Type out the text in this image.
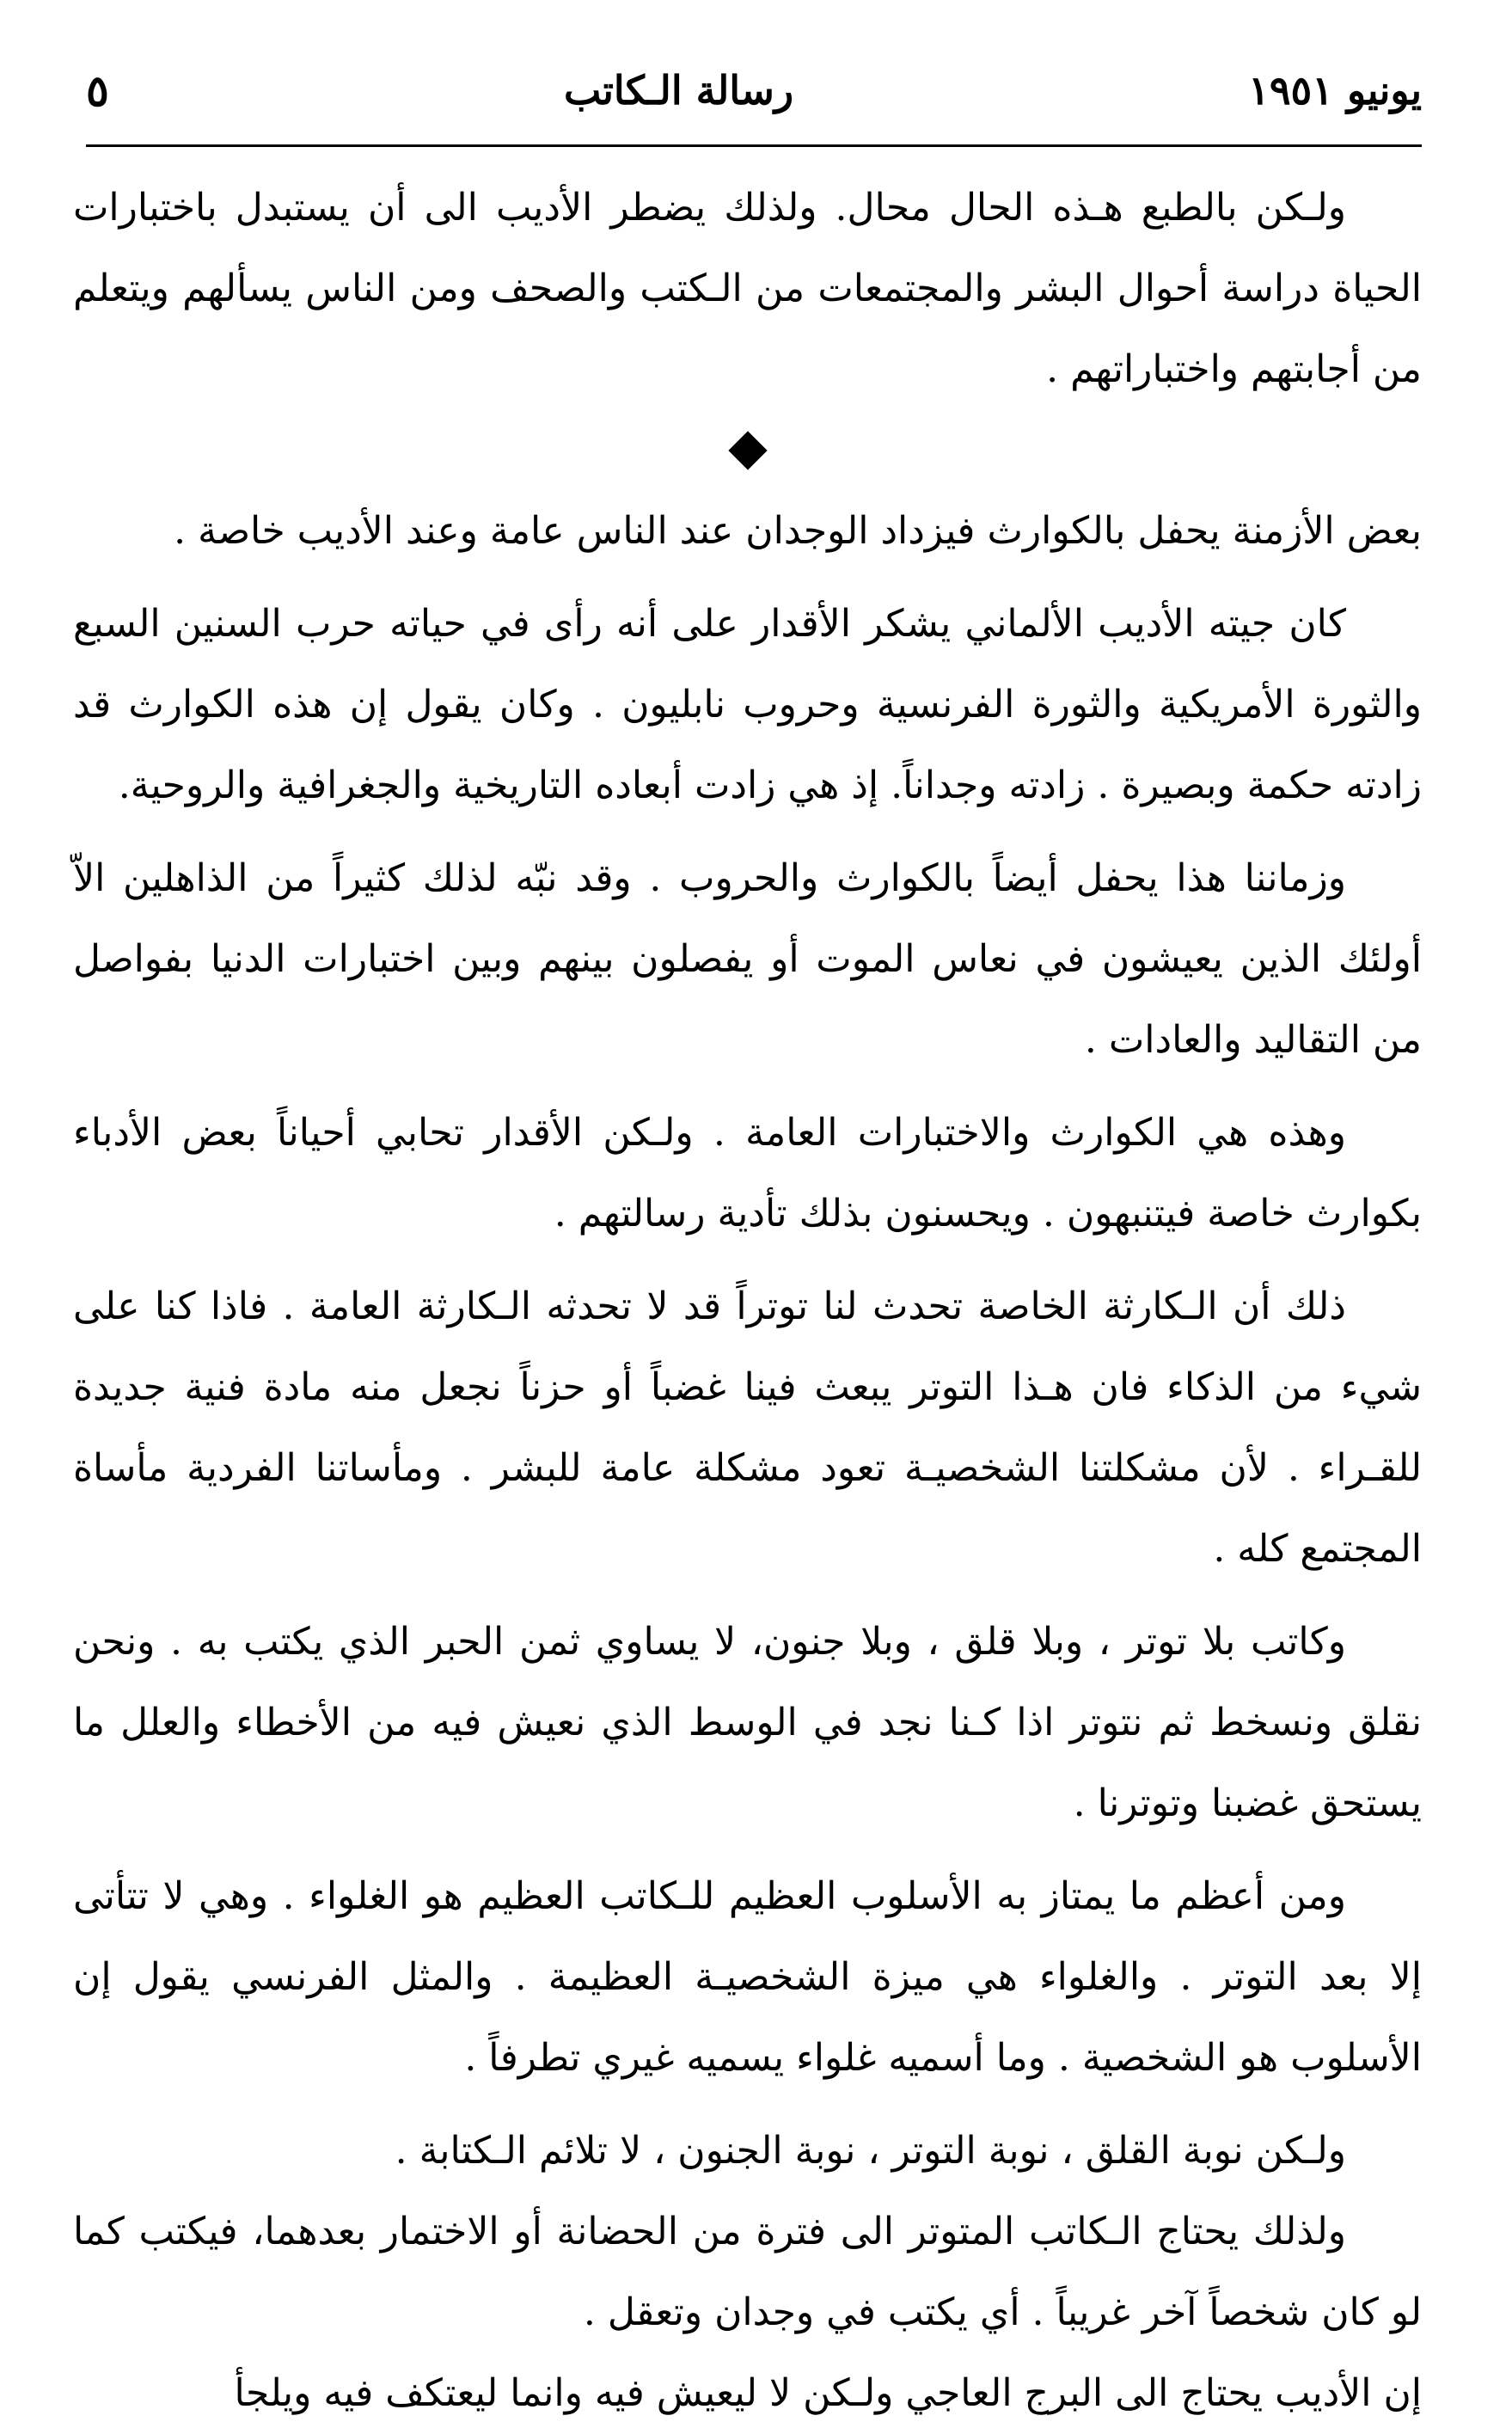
يونيو ١٩٥١
رسالة الـكاتب
٥

ولـكن بالطبع هـذه الحال محال. ولذلك يضطر الأديب الى أن يستبدل باختبارات الحياة دراسة أحوال البشر والمجتمعات من الـكتب والصحف ومن الناس يسألهم ويتعلم من أجابتهم واختباراتهم .

بعض الأزمنة يحفل بالكوارث فيزداد الوجدان عند الناس عامة وعند الأديب خاصة .

كان جيته الأديب الألماني يشكر الأقدار على أنه رأى في حياته حرب السنين السبع والثورة الأمريكية والثورة الفرنسية وحروب نابليون . وكان يقول إن هذه الكوارث قد زادته حكمة وبصيرة . زادته وجداناً. إذ هي زادت أبعاده التاريخية والجغرافية والروحية.

وزماننا هذا يحفل أيضاً بالكوارث والحروب . وقد نبّه لذلك كثيراً من الذاهلين الاّ أولئك الذين يعيشون في نعاس الموت أو يفصلون بينهم وبين اختبارات الدنيا بفواصل من التقاليد والعادات .

وهذه هي الكوارث والاختبارات العامة . ولـكن الأقدار تحابي أحياناً بعض الأدباء بكوارث خاصة فيتنبهون . ويحسنون بذلك تأدية رسالتهم .

ذلك أن الـكارثة الخاصة تحدث لنا توتراً قد لا تحدثه الـكارثة العامة . فاذا كنا على شيء من الذكاء فان هـذا التوتر يبعث فينا غضباً أو حزناً نجعل منه مادة فنية جديدة للقـراء . لأن مشكلتنا الشخصيـة تعود مشكلة عامة للبشر . ومأساتنا الفردية مأساة المجتمع كله .

وكاتب بلا توتر ، وبلا قلق ، وبلا جنون، لا يساوي ثمن الحبر الذي يكتب به . ونحن نقلق ونسخط ثم نتوتر اذا كـنا نجد في الوسط الذي نعيش فيه من الأخطاء والعلل ما يستحق غضبنا وتوترنا .

ومن أعظم ما يمتاز به الأسلوب العظيم للـكاتب العظيم هو الغلواء . وهي لا تتأتى إلا بعد التوتر . والغلواء هي ميزة الشخصيـة العظيمة . والمثل الفرنسي يقول إن الأسلوب هو الشخصية . وما أسميه غلواء يسميه غيري تطرفاً .

ولـكن نوبة القلق ، نوبة التوتر ، نوبة الجنون ، لا تلائم الـكتابة .

ولذلك يحتاج الـكاتب المتوتر الى فترة من الحضانة أو الاختمار بعدهما، فيكتب كما لو كان شخصاً آخر غريباً . أي يكتب في وجدان وتعقل .

إن الأديب يحتاج الى البرج العاجي ولـكن لا ليعيش فيه وانما ليعتكف فيه ويلجأ
